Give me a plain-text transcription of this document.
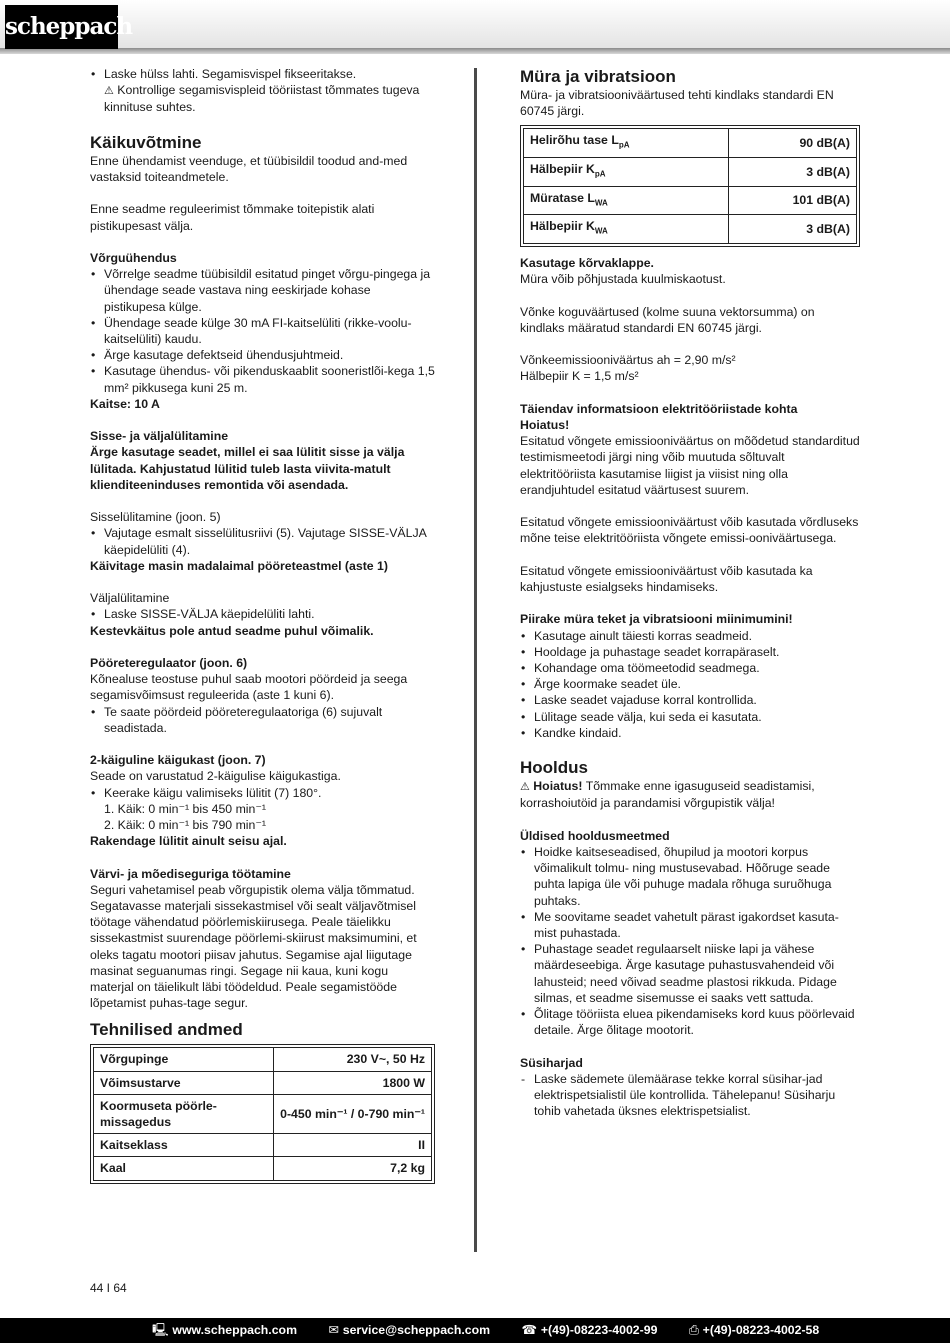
scheppach
• Laske hülss lahti. Segamisvispel fikseeritakse.

⚠ Kontrollige segamisvispleid tööriistast tõmmates tugeva kinnituse suhtes.

Käikuvõtmine

Enne ühendamist veenduge, et tüübisildil toodud and-med vastaksid toiteandmetele.

Enne seadme reguleerimist tõmmake toitepistik alati pistikupesast välja.

Võrguühendus

• Võrrelge seadme tüübisildil esitatud pinget võrgu-pingega ja ühendage seade vastava ning eeskirjade kohase pistikupesa külge.
• Ühendage seade külge 30 mA FI-kaitselüliti (rikke-voolu-kaitselüliti) kaudu.
• Ärge kasutage defektseid ühendusjuhtmeid.
• Kasutage ühendus- või pikenduskaablit sooneristlõi-kega 1,5 mm² pikkusega kuni 25 m.

Kaitse: 10 A

Sisse- ja väljalülitamine

Ärge kasutage seadet, millel ei saa lülitit sisse ja välja lülitada. Kahjustatud lülitid tuleb lasta viivita-matult klienditeeninduses remontida või asendada.

Sisselülitamine (joon. 5)

• Vajutage esmalt sisselülitusriivi (5). Vajutage SISSE-VÄLJA käepidelüliti (4).

Käivitage masin madalaimal pööreteastmel (aste 1)

Väljalülitamine

• Laske SISSE-VÄLJA käepidelüliti lahti.

Kestevkäitus pole antud seadme puhul võimalik.

Pööreteregulaator (joon. 6)

Kõnealuse teostuse puhul saab mootori pöördeid ja seega segamisvõimsust reguleerida (aste 1 kuni 6).

• Te saate pöördeid pööreteregulaatoriga (6) sujuvalt seadistada.

2-käiguline käigukast (joon. 7)

Seade on varustatud 2-käigulise käigukastiga.

• Keerake käigu valimiseks lülitit (7) 180°.

1. Käik: 0 min⁻¹ bis 450 min⁻¹

2. Käik: 0 min⁻¹ bis 790 min⁻¹

Rakendage lülitit ainult seisu ajal.

Värvi- ja mõediseguriga töötamine

Seguri vahetamisel peab võrgupistik olema välja tõmmatud.

Segatavasse materjali sissekastmisel või sealt väljavõtmisel töötage vähendatud pöörlemiskiirusega. Peale täielikku sissekastmist suurendage pöörlemi-skiirust maksimumini, et oleks tagatu mootori piisav jahutus. Segamise ajal liigutage masinat seguanumas ringi. Segage nii kaua, kuni kogu materjal on täielikult läbi töödeldud. Peale segamistööde lõpetamist puhas-tage segur.

Tehnilised andmed
Võrgupinge	230 V~, 50 Hz
Võimsustarve	1800 W
Koormuseta pöörle-missagedus	0-450 min⁻¹ / 0-790 min⁻¹
Kaitseklass	II
Kaal	7,2 kg
Müra ja vibratsioon

Müra- ja vibratsiooniväärtused tehti kindlaks standardi EN 60745 järgi.

Helirõhu tase $L_{pA}$	90 dB(A)
Hälbepiir $K_{pA}$	3 dB(A)
Müratase $L_{WA}$	101 dB(A)
Hälbepiir $K_{WA}$	3 dB(A)

Kasutage kõrvaklappe.

Müra võib põhjustada kuulmiskaotust.

Võnke koguväärtused (kolme suuna vektorsumma) on kindlaks määratud standardi EN 60745 järgi.

Võnkeemissiooniväärtus ah = 2,90 m/s²

Hälbepiir K = 1,5 m/s²

Täiendav informatsioon elektritööriistade kohta

Hoiatus!

Esitatud võngete emissiooniväärtus on mõõdetud standarditud testimismeetodi järgi ning võib muutuda sõltuvalt elektritööriista kasutamise liigist ja viisist ning olla erandjuhtudel esitatud väärtusest suurem.

Esitatud võngete emissiooniväärtust võib kasutada võrdluseks mõne teise elektritööriista võngete emissi-ooniväärtusega.

Esitatud võngete emissiooniväärtust võib kasutada ka kahjustuste esialgseks hindamiseks.

Piirake müra teket ja vibratsiooni miinimumini!

• Kasutage ainult täiesti korras seadmeid.
• Hooldage ja puhastage seadet korrapäraselt.
• Kohandage oma töömeetodid seadmega.
• Ärge koormake seadet üle.
• Laske seadet vajaduse korral kontrollida.
• Lülitage seade välja, kui seda ei kasutata.
• Kandke kindaid.
Hooldus

⚠ Hoiatus! Tõmmake enne igasuguseid seadistamisi, korrashoiutöid ja parandamisi võrgupistik välja!

Üldised hooldusmeetmed

• Hoidke kaitseseadised, õhupilud ja mootori korpus võimalikult tolmu- ning mustusevabad. Hõõruge seade puhta lapiga üle või puhuge madala rõhuga suruõhuga puhtaks.
• Me soovitame seadet vahetult pärast igakordset kasuta-mist puhastada.
• Puhastage seadet regulaarselt niiske lapi ja vähese määrdeseebiga. Ärge kasutage puhastusvahendeid või lahusteid; need võivad seadme plastosi rikkuda. Pidage silmas, et seadme sisemusse ei saaks vett sattuda.
• Õlitage tööriista eluea pikendamiseks kord kuus pöörlevaid detaile. Ärge õlitage mootorit.

Süsiharjad

- Laske sädemete ülemäärase tekke korral süsihar-jad elektrispetsialistil üle kontrollida. Tähelepanu! Süsiharju tohib vahetada üksnes elektrispetsialist.
44 I 64
🖳 www.scheppach.com	✉ service@scheppach.com	☎ +(49)-08223-4002-99	⎙ +(49)-08223-4002-58
